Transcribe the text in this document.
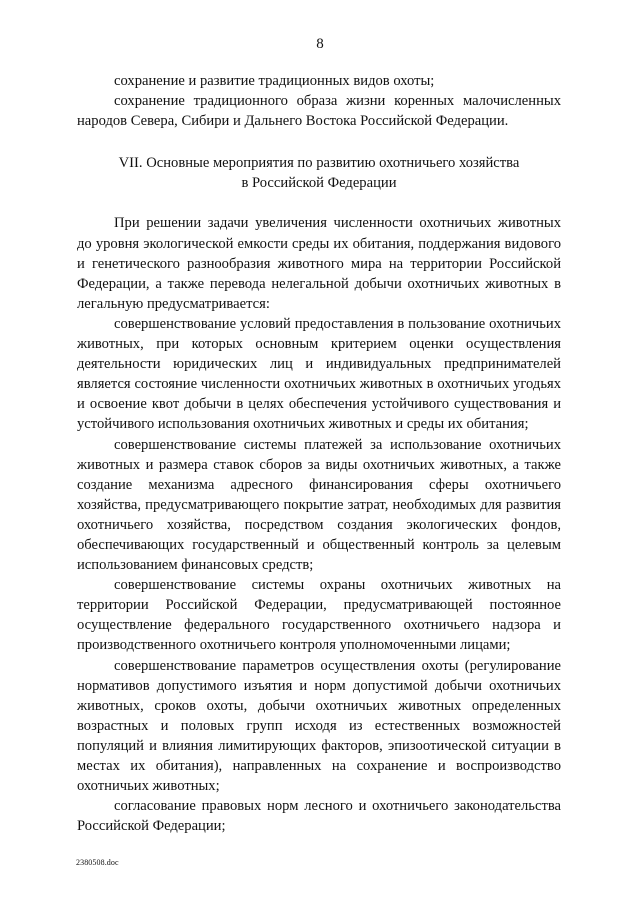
8

сохранение и развитие традиционных видов охоты;

сохранение традиционного образа жизни коренных малочисленных народов Севера, Сибири и Дальнего Востока Российской Федерации.

VII. Основные мероприятия по развитию охотничьего хозяйства
в Российской Федерации

При решении задачи увеличения численности охотничьих животных до уровня экологической емкости среды их обитания, поддержания видового и генетического разнообразия животного мира на территории Российской Федерации, а также перевода нелегальной добычи охотничьих животных в легальную предусматривается:

совершенствование условий предоставления в пользование охотничьих животных, при которых основным критерием оценки осуществления деятельности юридических лиц и индивидуальных предпринимателей является состояние численности охотничьих животных в охотничьих угодьях и освоение квот добычи в целях обеспечения устойчивого существования и устойчивого использования охотничьих животных и среды их обитания;

совершенствование системы платежей за использование охотничьих животных и размера ставок сборов за виды охотничьих животных, а также создание механизма адресного финансирования сферы охотничьего хозяйства, предусматривающего покрытие затрат, необходимых для развития охотничьего хозяйства, посредством создания экологических фондов, обеспечивающих государственный и общественный контроль за целевым использованием финансовых средств;

совершенствование системы охраны охотничьих животных на территории Российской Федерации, предусматривающей постоянное осуществление федерального государственного охотничьего надзора и производственного охотничьего контроля уполномоченными лицами;

совершенствование параметров осуществления охоты (регулирование нормативов допустимого изъятия и норм допустимой добычи охотничьих животных, сроков охоты, добычи охотничьих животных определенных возрастных и половых групп исходя из естественных возможностей популяций и влияния лимитирующих факторов, эпизоотической ситуации в местах их обитания), направленных на сохранение и воспроизводство охотничьих животных;

согласование правовых норм лесного и охотничьего законодательства Российской Федерации;

2380508.doc
